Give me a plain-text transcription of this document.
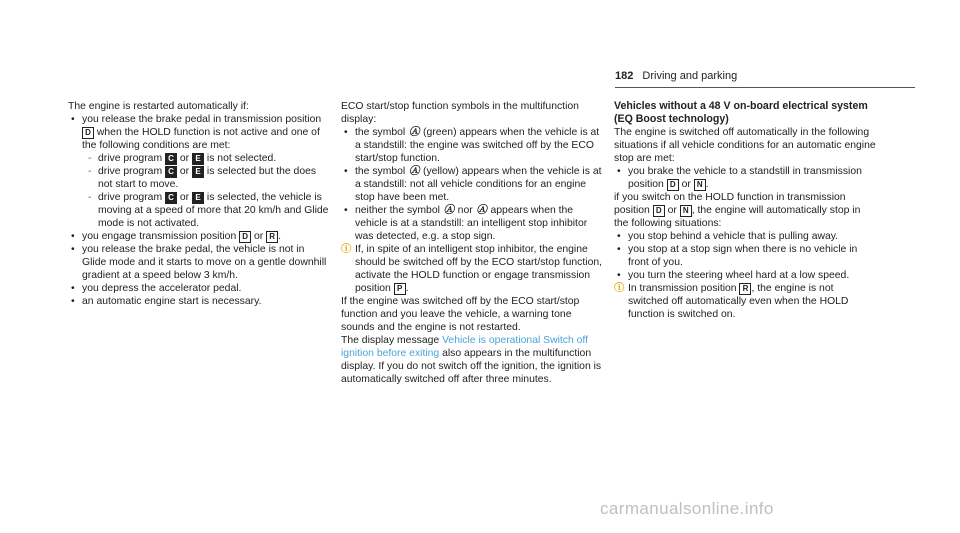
182 Driving and parking

The engine is restarted automatically if:

• you release the brake pedal in transmission position D when the HOLD function is not active and one of the following conditions are met:

- drive program C or E is not selected.

- drive program C or E is selected but the does not start to move.

- drive program C or E is selected, the vehicle is moving at a speed of more that 20 km/h and Glide mode is not activated.

• you engage transmission position D or R .

• you release the brake pedal, the vehicle is not in Glide mode and it starts to move on a gentle downhill gradient at a speed below 3 km/h.

• you depress the accelerator pedal.

• an automatic engine start is necessary.

ECO start/stop function symbols in the multifunction display:

• the symbol Ⓐ (green) appears when the vehicle is at a standstill: the engine was switched off by the ECO start/stop function.

• the symbol Ⓐ (yellow) appears when the vehicle is at a standstill: not all vehicle conditions for an engine stop have been met.

• neither the symbol Ⓐ nor Ⓐ appears when the vehicle is at a standstill: an intelligent stop inhibitor was detected, e.g. a stop sign.

ⓘ If, in spite of an intelligent stop inhibitor, the engine should be switched off by the ECO start/stop function, activate the HOLD function or engage transmission position P .

If the engine was switched off by the ECO start/stop function and you leave the vehicle, a warning tone sounds and the engine is not restarted.

The display message Vehicle is operational Switch off ignition before exiting also appears in the multifunction display. If you do not switch off the ignition, the ignition is automatically switched off after three minutes.

Vehicles without a 48 V on-board electrical system (EQ Boost technology)

The engine is switched off automatically in the following situations if all vehicle conditions for an automatic engine stop are met:

• you brake the vehicle to a standstill in transmission position D or N .

if you switch on the HOLD function in transmission position D or N , the engine will automatically stop in the following situations:

• you stop behind a vehicle that is pulling away.

• you stop at a stop sign when there is no vehicle in front of you.

• you turn the steering wheel hard at a low speed.

ⓘ In transmission position R , the engine is not switched off automatically even when the HOLD function is switched on.

carmanualsonline.info
